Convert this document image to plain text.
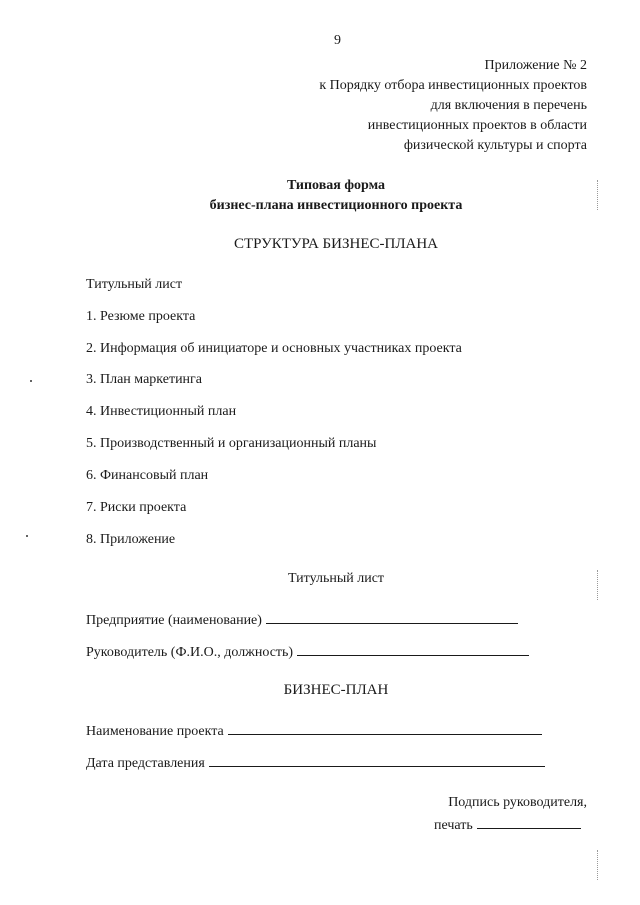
9
Приложение № 2
к Порядку отбора инвестиционных проектов
для включения в перечень
инвестиционных проектов в области
физической культуры и спорта
Типовая форма
бизнес-плана инвестиционного проекта
СТРУКТУРА БИЗНЕС-ПЛАНА
Титульный лист
1. Резюме проекта
2. Информация об инициаторе и основных участниках проекта
3. План маркетинга
4. Инвестиционный план
5. Производственный и организационный планы
6. Финансовый план
7. Риски проекта
8. Приложение
Титульный лист
Предприятие (наименование)
Руководитель (Ф.И.О., должность)
БИЗНЕС-ПЛАН
Наименование проекта
Дата представления
Подпись руководителя,
печать
